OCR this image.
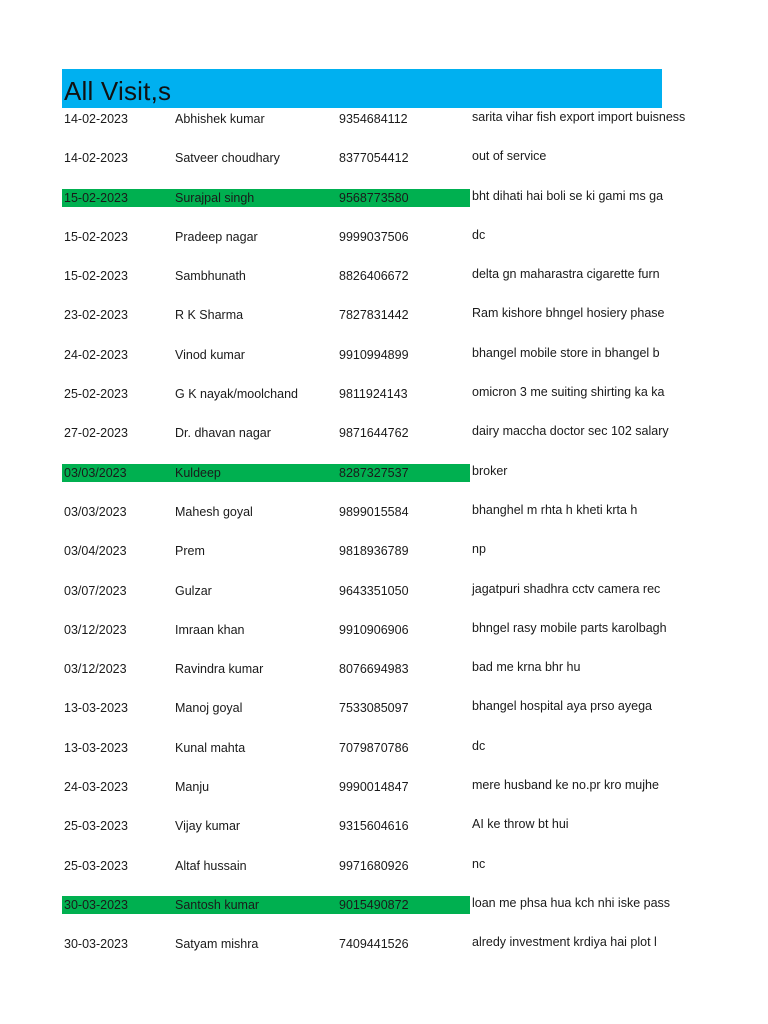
All Visit,s
14-02-2023	Abhishek kumar	9354684112	sarita vihar fish export import buisness
14-02-2023	Satveer choudhary	8377054412	out of service
15-02-2023	Surajpal singh	9568773580	bht dihati hai boli se ki gami ms ga
15-02-2023	Pradeep nagar	9999037506	dc
15-02-2023	Sambhunath	8826406672	delta gn maharastra cigarette furn
23-02-2023	R K Sharma	7827831442	Ram kishore bhngel hosiery phase
24-02-2023	Vinod kumar	9910994899	bhangel mobile store in bhangel b
25-02-2023	G K nayak/moolchand	9811924143	omicron 3 me suiting shirting ka ka
27-02-2023	Dr. dhavan nagar	9871644762	dairy maccha doctor sec 102 salary
03/03/2023	Kuldeep	8287327537	broker
03/03/2023	Mahesh goyal	9899015584	bhanghel m rhta h kheti krta h
03/04/2023	Prem	9818936789	np
03/07/2023	Gulzar	9643351050	jagatpuri shadhra cctv camera rec
03/12/2023	Imraan khan	9910906906	bhngel rasy mobile parts karolbagh
03/12/2023	Ravindra kumar	8076694983	bad me krna bhr hu
13-03-2023	Manoj goyal	7533085097	bhangel hospital aya prso ayega
13-03-2023	Kunal mahta	7079870786	dc
24-03-2023	Manju	9990014847	mere husband ke no.pr kro mujhe
25-03-2023	Vijay kumar	9315604616	AI ke throw bt hui
25-03-2023	Altaf hussain	9971680926	nc
30-03-2023	Santosh kumar	9015490872	loan me phsa hua kch nhi iske pass
30-03-2023	Satyam mishra	7409441526	alredy investment krdiya hai plot l
